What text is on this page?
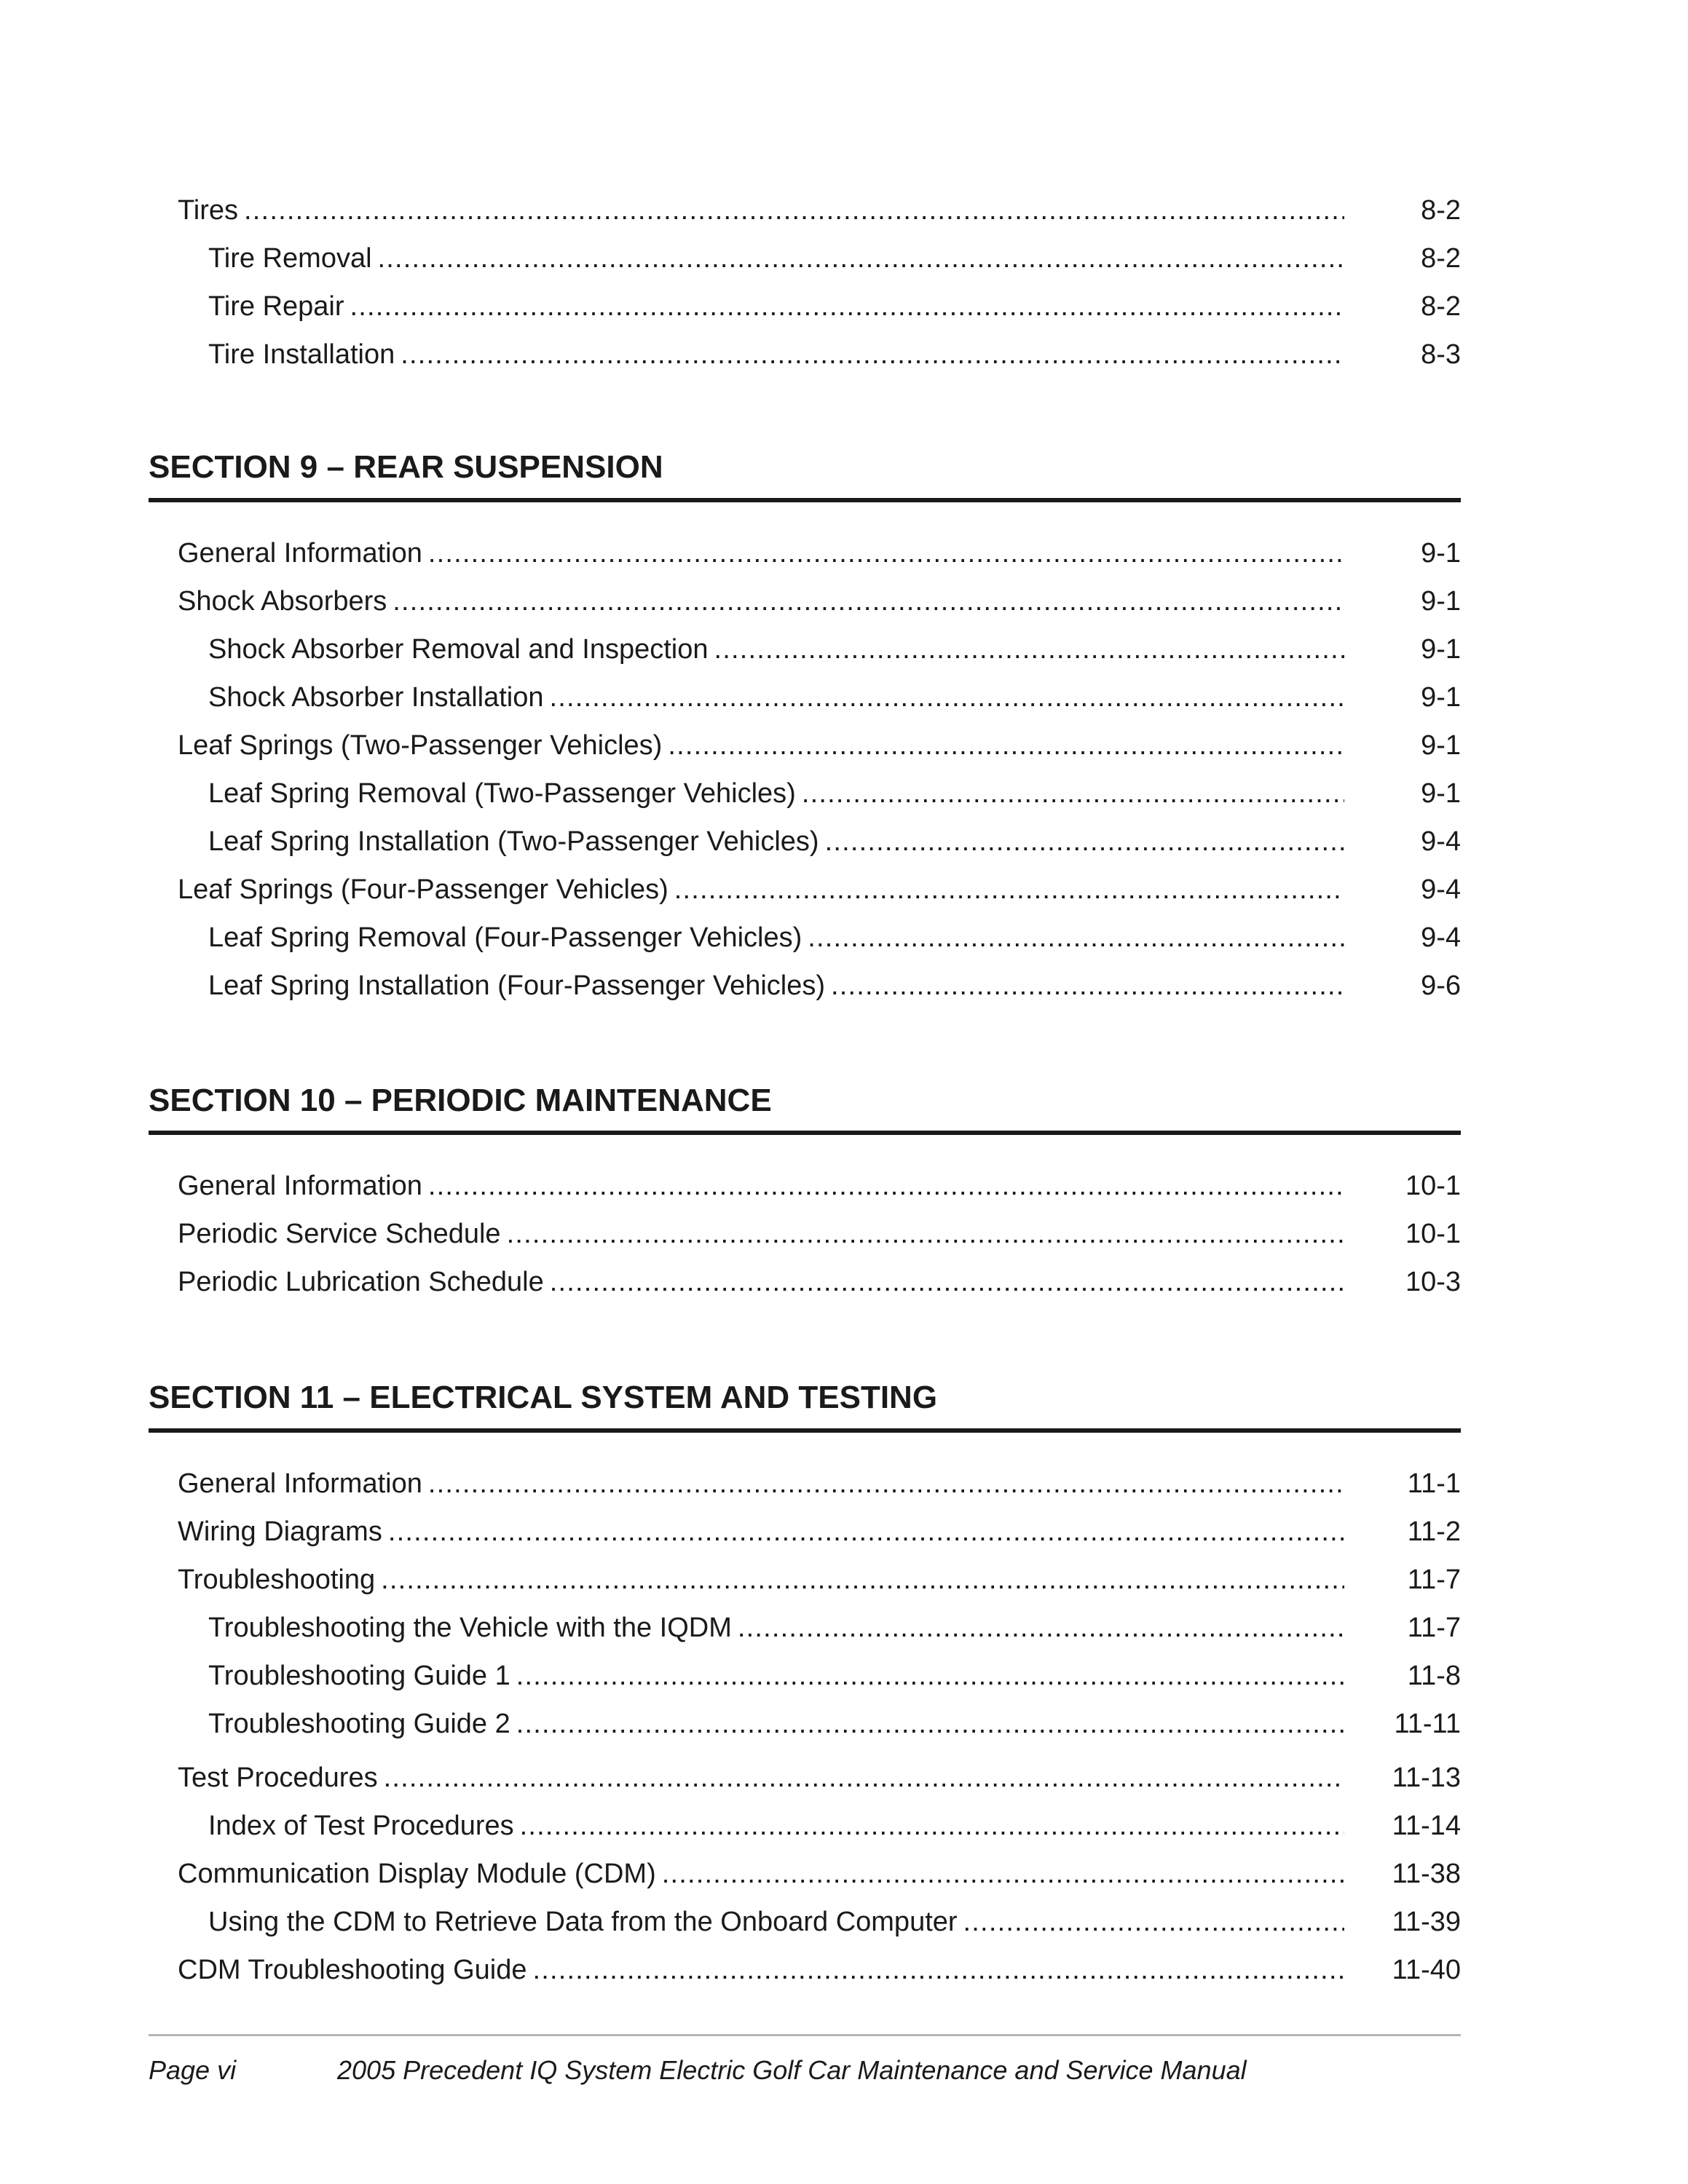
Tires .....	8-2
Tire Removal .....	8-2
Tire Repair .....	8-2
Tire Installation .....	8-3
SECTION 9 – REAR SUSPENSION
General Information .....	9-1
Shock Absorbers .....	9-1
Shock Absorber Removal and Inspection .....	9-1
Shock Absorber Installation .....	9-1
Leaf Springs (Two-Passenger Vehicles) .....	9-1
Leaf Spring Removal (Two-Passenger Vehicles) .....	9-1
Leaf Spring Installation (Two-Passenger Vehicles) .....	9-4
Leaf Springs (Four-Passenger Vehicles) .....	9-4
Leaf Spring Removal (Four-Passenger Vehicles) .....	9-4
Leaf Spring Installation (Four-Passenger Vehicles) .....	9-6
SECTION 10 – PERIODIC MAINTENANCE
General Information .....	10-1
Periodic Service Schedule .....	10-1
Periodic Lubrication Schedule .....	10-3
SECTION 11 – ELECTRICAL SYSTEM AND TESTING
General Information .....	11-1
Wiring Diagrams .....	11-2
Troubleshooting .....	11-7
Troubleshooting the Vehicle with the IQDM .....	11-7
Troubleshooting Guide 1 .....	11-8
Troubleshooting Guide 2 .....	11-11
Test Procedures .....	11-13
Index of Test Procedures .....	11-14
Communication Display Module (CDM) .....	11-38
Using the CDM to Retrieve Data from the Onboard Computer .....	11-39
CDM Troubleshooting Guide .....	11-40
Page vi	2005 Precedent IQ System Electric Golf Car Maintenance and Service Manual
